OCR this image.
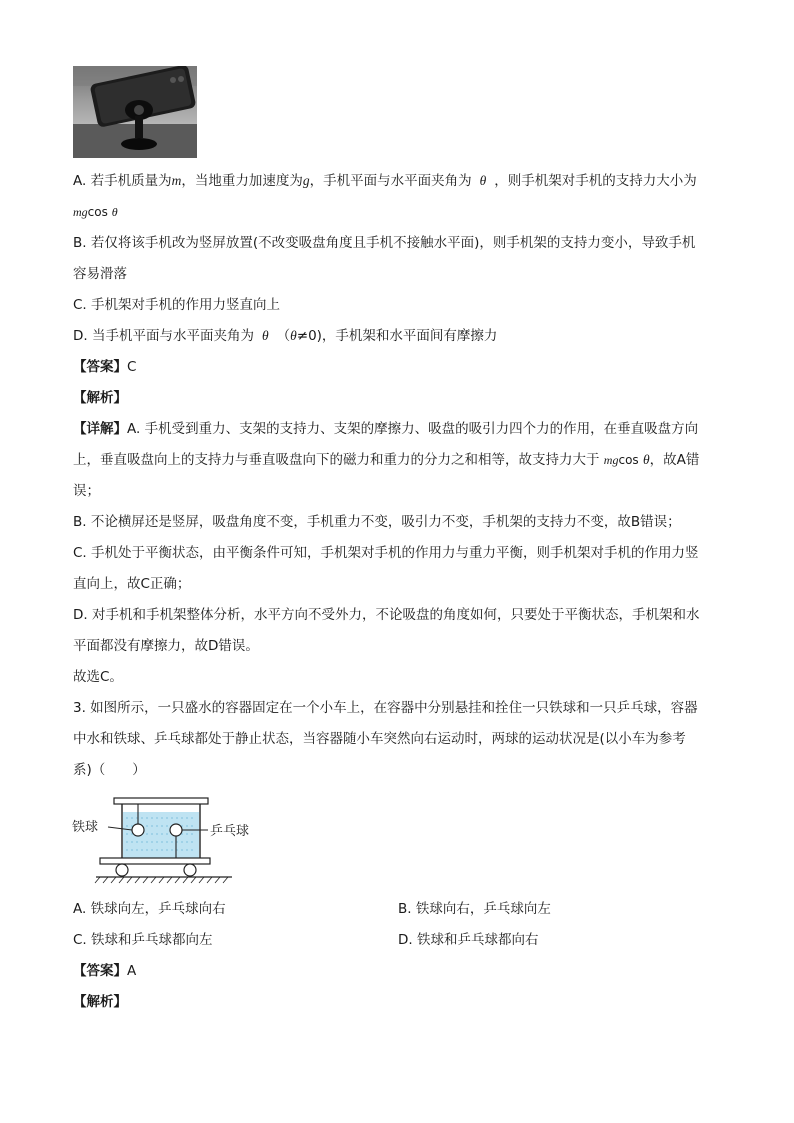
A. 若手机质量为m，当地重力加速度为g，手机平面与水平面夹角为 θ ，则手机架对手机的支持力大小为
mgcos θ
B. 若仅将该手机改为竖屏放置(不改变吸盘角度且手机不接触水平面)，则手机架的支持力变小，导致手机
容易滑落
C. 手机架对手机的作用力竖直向上
D. 当手机平面与水平面夹角为 θ （θ≠0)，手机架和水平面间有摩擦力
【答案】C
【解析】
【详解】A. 手机受到重力、支架的支持力、支架的摩擦力、吸盘的吸引力四个力的作用，在垂直吸盘方向
上，垂直吸盘向上的支持力与垂直吸盘向下的磁力和重力的分力之和相等，故支持力大于 mgcos θ，故A错
误；
B. 不论横屏还是竖屏，吸盘角度不变，手机重力不变，吸引力不变，手机架的支持力不变，故B错误；
C. 手机处于平衡状态，由平衡条件可知，手机架对手机的作用力与重力平衡，则手机架对手机的作用力竖
直向上，故C正确；
D. 对手机和手机架整体分析，水平方向不受外力，不论吸盘的角度如何，只要处于平衡状态，手机架和水
平面都没有摩擦力，故D错误。
故选C。
3. 如图所示，一只盛水的容器固定在一个小车上，在容器中分别悬挂和拴住一只铁球和一只乒乓球，容器
中水和铁球、乒乓球都处于静止状态，当容器随小车突然向右运动时，两球的运动状况是(以小车为参考
系)（　　）
铁球	乒乓球
A. 铁球向左，乒乓球向右	B. 铁球向右，乒乓球向左
C. 铁球和乒乓球都向左	D. 铁球和乒乓球都向右
【答案】A
【解析】
